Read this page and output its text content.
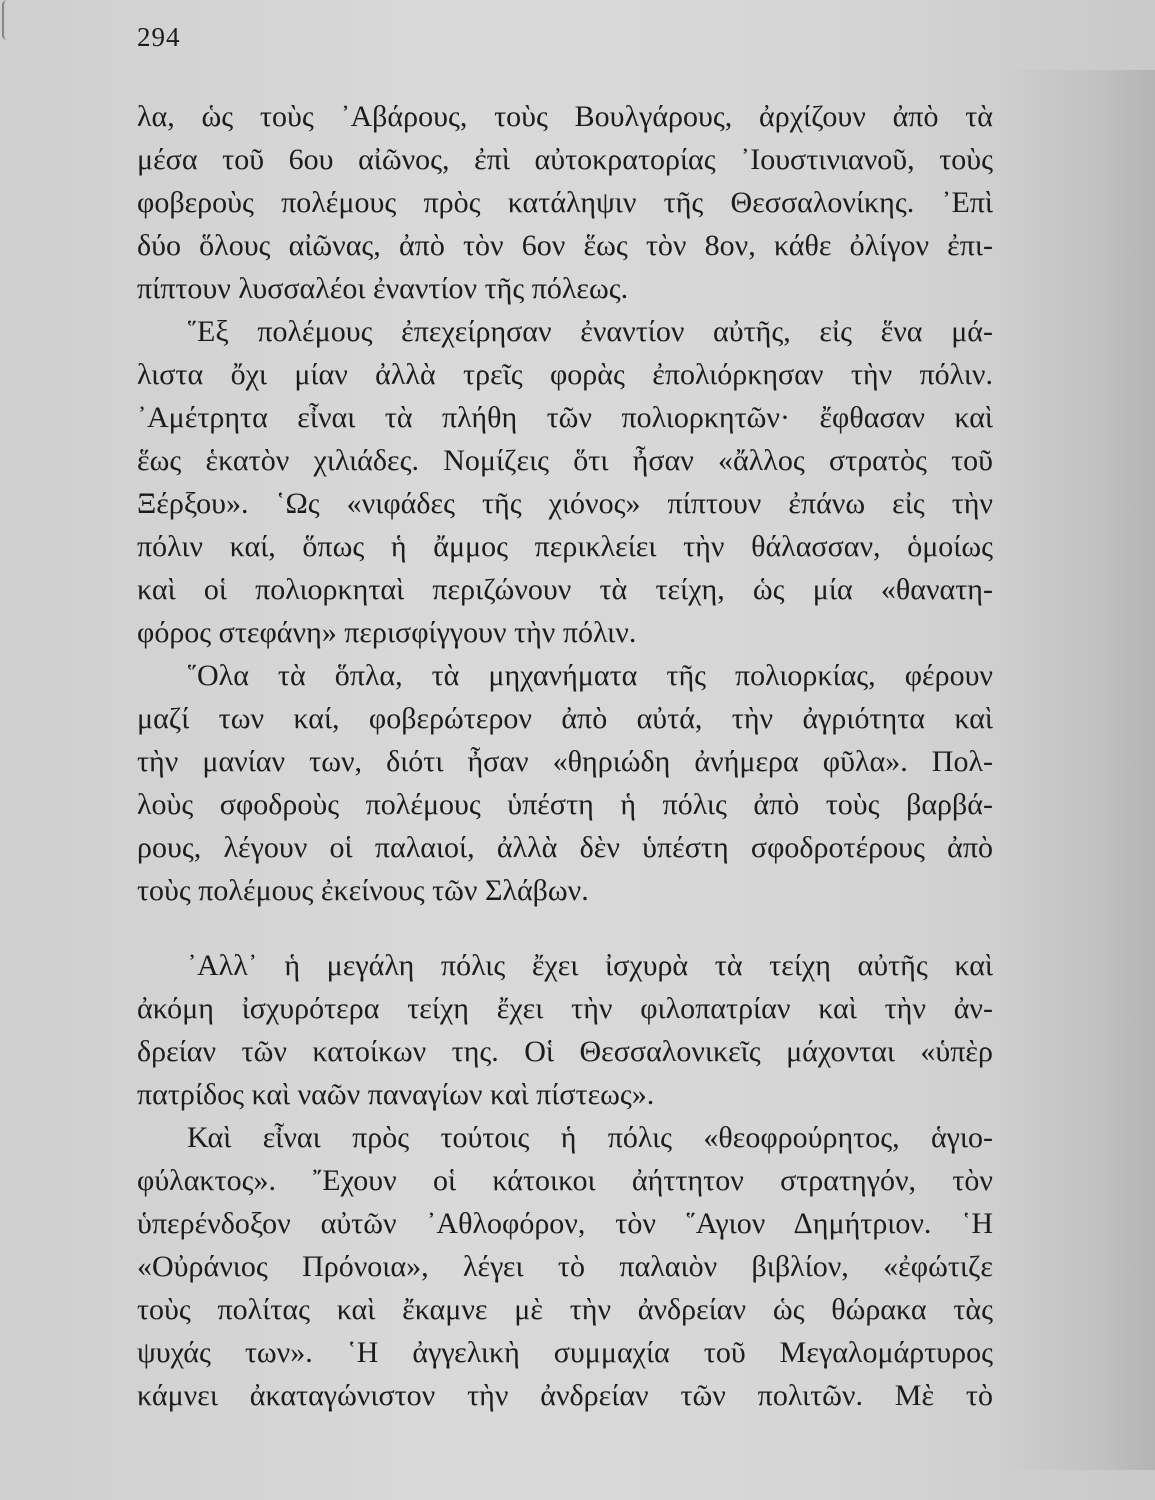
294
λα, ὡς τοὺς ᾿Αβάρους, τοὺς Βουλγάρους, ἀρχίζουν ἀπὸ τὰ
μέσα τοῦ 6ου αἰῶνος, ἐπὶ αὐτοκρατορίας ᾿Ιουστινιανοῦ, τοὺς
φοβεροὺς πολέμους πρὸς κατάληψιν τῆς Θεσσαλονίκης. ᾿Επὶ
δύο ὅλους αἰῶνας, ἀπὸ τὸν 6ον ἕως τὸν 8ον, κάθε ὀλίγον ἐπι-
πίπτουν λυσσαλέοι ἐναντίον τῆς πόλεως.
῞Εξ πολέμους ἐπεχείρησαν ἐναντίον αὐτῆς, εἰς ἕνα μά-
λιστα ὄχι μίαν ἀλλὰ τρεῖς φορὰς ἐπολιόρκησαν τὴν πόλιν.
᾿Αμέτρητα εἶναι τὰ πλήθη τῶν πολιορκητῶν· ἔφθασαν καὶ
ἕως ἑκατὸν χιλιάδες. Νομίζεις ὅτι ἦσαν «ἄλλος στρατὸς τοῦ
Ξέρξου». ῾Ως «νιφάδες τῆς χιόνος» πίπτουν ἐπάνω εἰς τὴν
πόλιν καί, ὅπως ἡ ἄμμος περικλείει τὴν θάλασσαν, ὁμοίως
καὶ οἱ πολιορκηταὶ περιζώνουν τὰ τείχη, ὡς μία «θανατη-
φόρος στεφάνη» περισφίγγουν τὴν πόλιν.
῞Ολα τὰ ὅπλα, τὰ μηχανήματα τῆς πολιορκίας, φέρουν
μαζί των καί, φοβερώτερον ἀπὸ αὐτά, τὴν ἀγριότητα καὶ
τὴν μανίαν των, διότι ἦσαν «θηριώδη ἀνήμερα φῦλα». Πολ-
λοὺς σφοδροὺς πολέμους ὑπέστη ἡ πόλις ἀπὸ τοὺς βαρβά-
ρους, λέγουν οἱ παλαιοί, ἀλλὰ δὲν ὑπέστη σφοδροτέρους ἀπὸ
τοὺς πολέμους ἐκείνους τῶν Σλάβων.
᾿Αλλ᾿ ἡ μεγάλη πόλις ἔχει ἰσχυρὰ τὰ τείχη αὐτῆς καὶ
ἀκόμη ἰσχυρότερα τείχη ἔχει τὴν φιλοπατρίαν καὶ τὴν ἀν-
δρείαν τῶν κατοίκων της. Οἱ Θεσσαλονικεῖς μάχονται «ὑπὲρ
πατρίδος καὶ ναῶν παναγίων καὶ πίστεως».
Καὶ εἶναι πρὸς τούτοις ἡ πόλις «θεοφρούρητος, ἁγιο-
φύλακτος». ῎Εχουν οἱ κάτοικοι ἀήττητον στρατηγόν, τὸν
ὑπερένδοξον αὐτῶν ᾿Αθλοφόρον, τὸν ῞Αγιον Δημήτριον. ῾Η
«Οὐράνιος Πρόνοια», λέγει τὸ παλαιὸν βιβλίον, «ἐφώτιζε
τοὺς πολίτας καὶ ἔκαμνε μὲ τὴν ἀνδρείαν ὡς θώρακα τὰς
ψυχάς των». ῾Η ἀγγελικὴ συμμαχία τοῦ Μεγαλομάρτυρος
κάμνει ἀκαταγώνιστον τὴν ἀνδρείαν τῶν πολιτῶν. Μὲ τὸ
